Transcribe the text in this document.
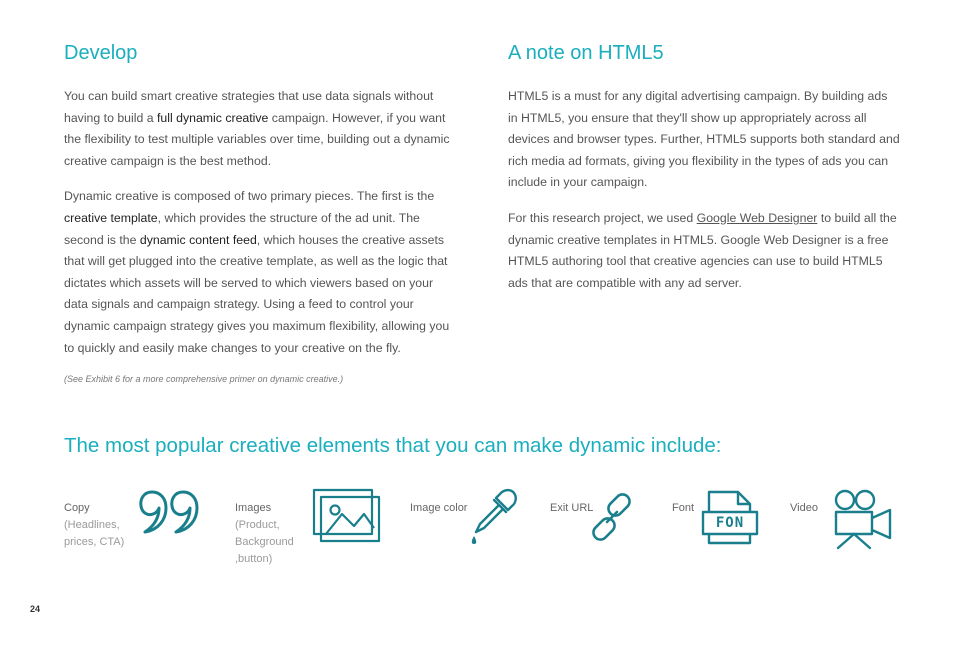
Develop

You can build smart creative strategies that use data signals without having to build a full dynamic creative campaign. However, if you want the flexibility to test multiple variables over time, building out a dynamic creative campaign is the best method.

Dynamic creative is composed of two primary pieces. The first is the creative template, which provides the structure of the ad unit. The second is the dynamic content feed, which houses the creative assets that will get plugged into the creative template, as well as the logic that dictates which assets will be served to which viewers based on your data signals and campaign strategy. Using a feed to control your dynamic campaign strategy gives you maximum flexibility, allowing you to quickly and easily make changes to your creative on the fly.

(See Exhibit 6 for a more comprehensive primer on dynamic creative.)
A note on HTML5

HTML5 is a must for any digital advertising campaign. By building ads in HTML5, you ensure that they'll show up appropriately across all devices and browser types. Further, HTML5 supports both standard and rich media ad formats, giving you flexibility in the types of ads you can include in your campaign.

For this research project, we used Google Web Designer to build all the dynamic creative templates in HTML5. Google Web Designer is a free HTML5 authoring tool that creative agencies can use to build HTML5 ads that are compatible with any ad server.

The most popular creative elements that you can make dynamic include:
Copy
(Headlines, prices, CTA)
Images
(Product, Background ,button)
Image color	Exit URL	Font
FON
Video
24
